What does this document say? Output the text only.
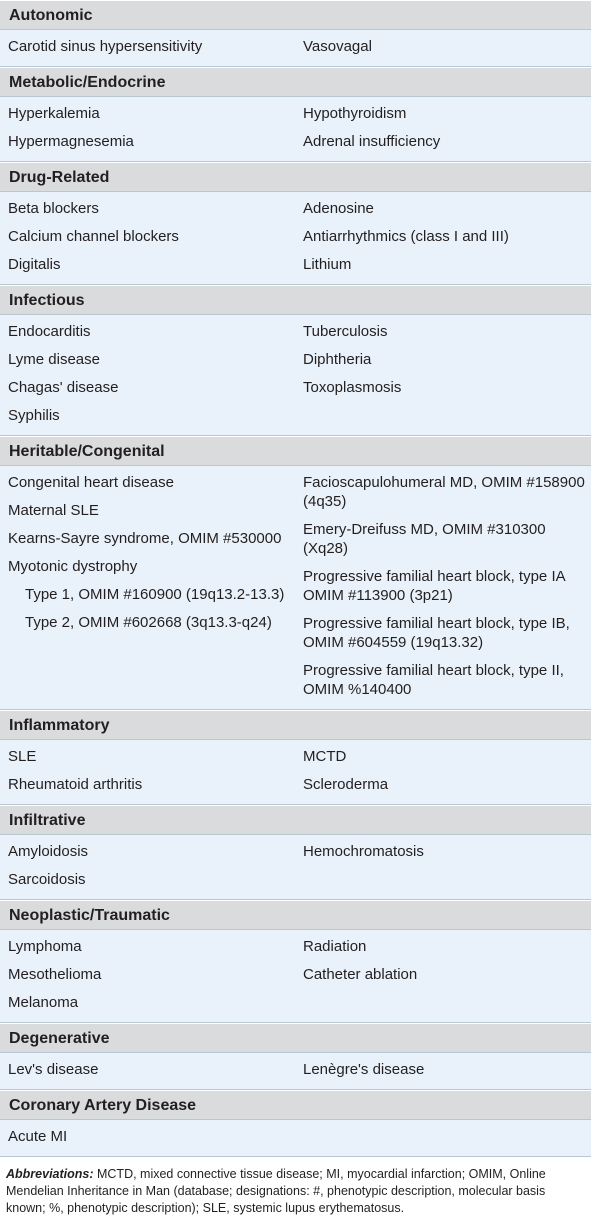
Autonomic
Carotid sinus hypersensitivity	Vasovagal
Metabolic/Endocrine
Hyperkalemia
Hypermagnesemia
Hypothyroidism
Adrenal insufficiency
Drug-Related
Beta blockers
Calcium channel blockers
Digitalis
Adenosine
Antiarrhythmics (class I and III)
Lithium
Infectious
Endocarditis
Lyme disease
Chagas' disease
Syphilis
Tuberculosis
Diphtheria
Toxoplasmosis
Heritable/Congenital
Congenital heart disease
Maternal SLE
Kearns-Sayre syndrome, OMIM #530000
Myotonic dystrophy
Type 1, OMIM #160900 (19q13.2-13.3)
Type 2, OMIM #602668 (3q13.3-q24)
Facioscapulohumeral MD, OMIM #158900 (4q35)
Emery-Dreifuss MD, OMIM #310300 (Xq28)
Progressive familial heart block, type IA OMIM #113900 (3p21)
Progressive familial heart block, type IB, OMIM #604559 (19q13.32)
Progressive familial heart block, type II, OMIM %140400
Inflammatory
SLE
Rheumatoid arthritis
MCTD
Scleroderma
Infiltrative
Amyloidosis
Sarcoidosis
Hemochromatosis
Neoplastic/Traumatic
Lymphoma
Mesothelioma
Melanoma
Radiation
Catheter ablation
Degenerative
Lev's disease	Lenègre's disease
Coronary Artery Disease
Acute MI
Abbreviations: MCTD, mixed connective tissue disease; MI, myocardial infarction; OMIM, Online Mendelian Inheritance in Man (database; designations: #, phenotypic description, molecular basis known; %, phenotypic description); SLE, systemic lupus erythematosus.
